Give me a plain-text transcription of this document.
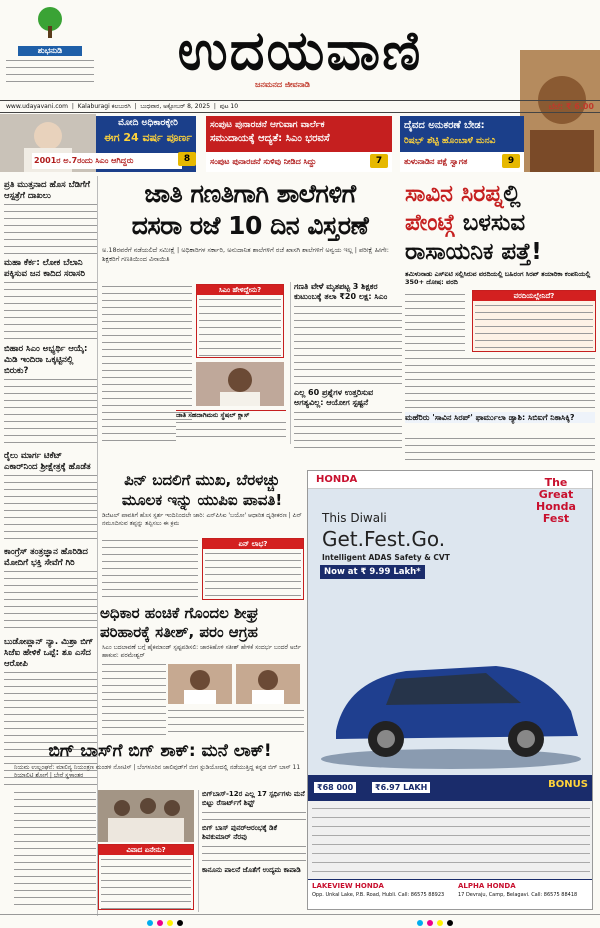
ಶುಭನುಡಿ	ಉದಯವಾಣಿ
ಜನಮನದ ಜೀವನಾಡಿ
www.udayavani.com  |  Kalaburagi ಕಲಬುರಗಿ  |  ಬುಧವಾರ, ಅಕ್ಟೋಬರ್ 8, 2025  |  ಪುಟ 10	ಬೆಲೆ: ₹ 6.00
ಮೋದಿ ಅಧಿಕಾರಕ್ಕೇರಿ
ಈಗ 24 ವರ್ಷ ಪೂರ್ಣ
2001ರ ಅ.7ರಂದು ಸಿಎಂ ಆಗಿದ್ದರು	8
ಸಂಪುಟ ಪುನಾರಚನೆ ಆಗುವಾಗ ವಾರ್ಲೆಕ
ಸಮುದಾಯಕ್ಕೆ ಆದ್ಯತೆ: ಸಿಎಂ ಭರವಸೆ
ಸಂಪುಟ ಪುನಾರಚನೆ ಸುಳಿವು ನೀಡಿದ ಸಿದ್ದು	7
ದೈವದ ಅನುಕರಣೆ ಬೇಡ:
ರಿಷಭ್ ಶೆಟ್ಟಿ ಹೊಂಬಾಳೆ ಮನವಿ
ತುಳುನಾಡಿನ ಪಕ್ಷೆ ಸ್ವಾಗತ	9
ಪ್ರತಿ ಮುತ್ತನಾದ ಹೊಸ ಬೆಡಿಗೆಗೆ ಆಸ್ಪತ್ರೆಗೆ ದಾಖಲು
ಮಹಾ ಕೆರ್ಕ: ಲೋಕ ಬೆಲಾನಿ ಪಕ್ಕಿಸುವ ಜನ ಕಾದಿದ ಸರಾಸರಿ
ಬಿಹಾರ ಸಿಎಂ ಅಭ್ಯರ್ಥಿ ಆಯ್ಕೆ: ಮಿಡಿ ಇಂದಿರಾ ಒಕ್ಕಟ್ಟಿನಲ್ಲಿ ಬಿರುಕು?
ರೈಲು ಮಾರ್ಗ ಟಿಕೆಟ್ ಎಕಾರ್‌ನಿಂದ ಶ್ರೀಕ್ಷೇತ್ರಕ್ಕೆ ಹೊಡೆತ
ಕಾಂಗ್ರೆಸ್ ತಂತ್ರಜ್ಞಾನ ಹೊರಿಡಿದ ಮೋದಿಗೆ ಭಕ್ತಿ ಸೇವೆಗೆ ಗಿರಿ
ಬುಡೋಪ್ಲಾನ್ ನ್ಯಾ. ಮಿಶ್ರಾ ಬಿಗ್ ಸಿಜೆಐ ಹೇಳಿಕೆ ಒಪ್ಪೆ: ಶೂ ಎಸೆದ ಆರೋಪಿ
ಜಾತಿ ಗಣತಿಗಾಗಿ ಶಾಲೆಗಳಿಗೆ
ದಸರಾ ರಜೆ 10 ದಿನ ವಿಸ್ತರಣೆ
ಅ.18ರವರೆಗೆ ನಡೆಯಲಿದೆ ಸಮೀಕ್ಷೆ | ಅಧಿಕಾರಿಗಳ ಸರ್ಕಾರಿ, ಅನುದಾನಿತ ಶಾಲೆಗಳಿಗೆ ರಜೆ ಖಾಸಗಿ ಶಾಲೆಗಳಿಗೆ ಅನ್ವಯ ಇಲ್ಲ | ಪರೀಕ್ಷೆ ಹೀಗೇ: ಶಿಕ್ಷಕರಿಗೆ ಗಣತಿಯಿಂದ ವಿನಾಯಿತಿ
ಸಿಎಂ ಹೇಳಿದ್ದೇನು?
ಜಾತಿ ಸಹದಾಗಿಮನು ಸ್ಥೆಷಲ್ ಕ್ಲಾಸ್
ಗಣತಿ ವೇಳೆ ಮೃತಪಟ್ಟ 3 ಶಿಕ್ಷಕರ ಕುಟುಂಬಕ್ಕೆ ತಲಾ ₹20 ಲಕ್ಷ: ಸಿಎಂ
ಎಲ್ಲ 60 ಪ್ರಶ್ನೆಗಳ ಉತ್ತರಿಸುವ ಅಗತ್ಯವಿಲ್ಲ: ಆಯೋಗ ಸ್ಪಷ್ಟನೆ
ಸಾವಿನ ಸಿರಪ್ನಲ್ಲಿ
ಪೇಂಟ್ಗೆ ಬಳಸುವ
ರಾಸಾಯನಿಕ ಪತ್ತೆ!
ತಮಿಳುನಾಡು ಎಸ್‌ಐಟಿ ಸಲ್ಲಿಸಿರುವ ವರದಿಯಲ್ಲಿ ಬಹಿರಂಗ ಸಿರಪ್ ತಯಾರಿಕಾ ಕಂಪನಿಯಲ್ಲಿ 350+ ದೋಷ: ವರದಿ
ವರದಿಯಲ್ಲೇನಿದೆ?
ಮಹೆರಿರು 'ಸಾವಿನ ಸಿರಪ್' ಫಾರ್ಮುಲಾ ಡ್ಯಾಶಿ: ಸಿಬಿಐಗೆ ನಿಕಾಸಿಕ್ಕಿ?
ಪಿನ್ ಬದಲಿಗೆ ಮುಖ, ಬೆರಳಚ್ಚು
ಮೂಲಕ ಇನ್ನು ಯುಪಿಐ ಪಾವತಿ!
ಡಿಜಿಟಲ್ ಪಾವತಿಗೆ ಹೊಸ ಸ್ಪರ್ಶ ಇಂದಿನಿಂದಲೇ ಜಾರಿ: ಎನ್‌ಪಿಸಿಐ 'ಬಯೋ' ಆಧಾರಿತ ದೃಢೀಕರಣ | ಪಿನ್ ನಮೂದಿಸುವ ತಪ್ಪನ್ನು ತಪ್ಪಿಸಲು ಈ ಕ್ರಮ
ಏನ್ ಲಾಭ?
ಅಧಿಕಾರ ಹಂಚಿಕೆ ಗೊಂದಲ ಶೀಘ್ರ
ಪರಿಹಾರಕ್ಕೆ ಸತೀಶ್, ಪರಂ ಆಗ್ರಹ
ಸಿಎಂ ಬದಲಾವಣೆ ಬಗ್ಗೆ ಹೈಕಮಾಂಡ್ ಸ್ಪಷ್ಟಪಡಿಸಲಿ: ಜಾರಕಿಹೊಳಿ ಸತೀಶ್ ಹೇಳಿಕೆ ಸಂದರ್ಭ ಬಂದರೆ ಅರ್ಜಿ ಹಾಕುವ: ಪರಮೇಶ್ವರ್
ಬಿಗ್ ಬಾಸ್‌ಗೆ ಬಿಗ್ ಶಾಕ್: ಮನೆ ಲಾಕ್!
ನಿಯಮ ಉಲ್ಲಂಘನೆ: ಮಾಲಿನ್ಯ ನಿಯಂತ್ರಣ ಮಂಡಳಿ ನೋಟಿಸ್ | ಬೆಂಗಳೂರಿನ ಜಾಲಿವುಡ್‌ಗೆ ಬೀಗ ಸ್ಟುಡಿಯೋದಲ್ಲಿ ನಡೆಯುತ್ತಿದ್ದ ಕನ್ನಡ ಬಿಗ್ ಬಾಸ್ 11 ರಿಯಾಲಿಟಿ ಶೋಗೆ | ಬೇರೆ ಸ್ಥಳಾಂತರ
ವಿವಾದ ಏನೇನು?
ಬಿಗ್‌ಬಾಸ್-12ರ ಎಲ್ಲ 17 ಸ್ಪರ್ಧಿಗಳು ಮನೆ ಬಿಟ್ಟು ರೆಸಾರ್ಟ್‌ಗೆ ಶಿಫ್ಟ್
ಬಿಗ್ ಬಾಸ್ ಪುನರ್‌ಆರಂಭಕ್ಕೆ ಡಿಕೆ ಶಿವಕುಮಾರ್ ನೆರವು
ಕಾನೂನು ಪಾಲನೆ ಜೊತೆಗೆ ಉದ್ಯಮ ಕಾಪಾಡಿ
HONDA
This Diwali
Get.Fest.Go.
Intelligent ADAS Safety & CVT
Now at ₹ 9.99 Lakh*
The Great Honda Fest
₹68 000	₹6.97 LAKH	BONUS
LAKEVIEW HONDA
Opp. Unkal Lake, P.B. Road, Hubli. Call: 86575 88923
ALPHA HONDA
17 Devraju, Camp, Belagavi. Call: 86575 88418
